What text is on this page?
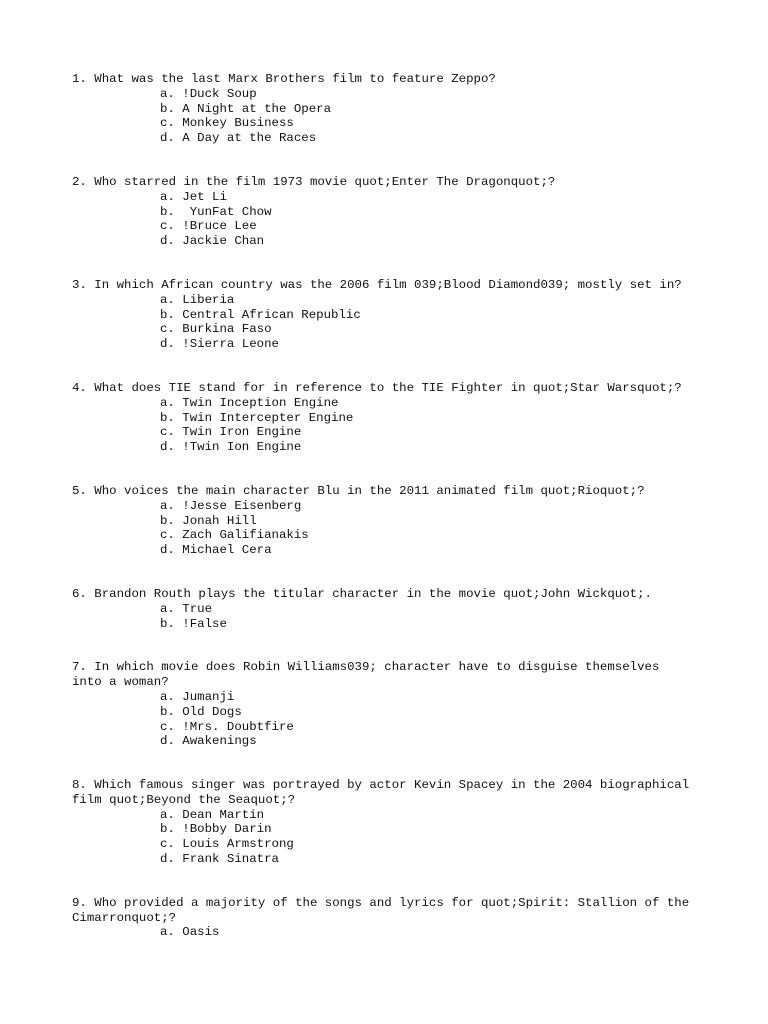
1. What was the last Marx Brothers film to feature Zeppo?

a. !Duck Soup
b. A Night at the Opera
c. Monkey Business
d. A Day at the Races

2. Who starred in the film 1973 movie quot;Enter The Dragonquot;?

a. Jet Li
b.  YunFat Chow
c. !Bruce Lee
d. Jackie Chan

3. In which African country was the 2006 film 039;Blood Diamond039; mostly set in?

a. Liberia
b. Central African Republic
c. Burkina Faso
d. !Sierra Leone

4. What does TIE stand for in reference to the TIE Fighter in quot;Star Warsquot;?

a. Twin Inception Engine
b. Twin Intercepter Engine
c. Twin Iron Engine
d. !Twin Ion Engine

5. Who voices the main character Blu in the 2011 animated film quot;Rioquot;?

a. !Jesse Eisenberg
b. Jonah Hill
c. Zach Galifianakis
d. Michael Cera

6. Brandon Routh plays the titular character in the movie quot;John Wickquot;.

a. True
b. !False

7. In which movie does Robin Williams039; character have to disguise themselves
into a woman?

a. Jumanji
b. Old Dogs
c. !Mrs. Doubtfire
d. Awakenings

8. Which famous singer was portrayed by actor Kevin Spacey in the 2004 biographical
film quot;Beyond the Seaquot;?

a. Dean Martin
b. !Bobby Darin
c. Louis Armstrong
d. Frank Sinatra

9. Who provided a majority of the songs and lyrics for quot;Spirit: Stallion of the
Cimarronquot;?

a. Oasis
